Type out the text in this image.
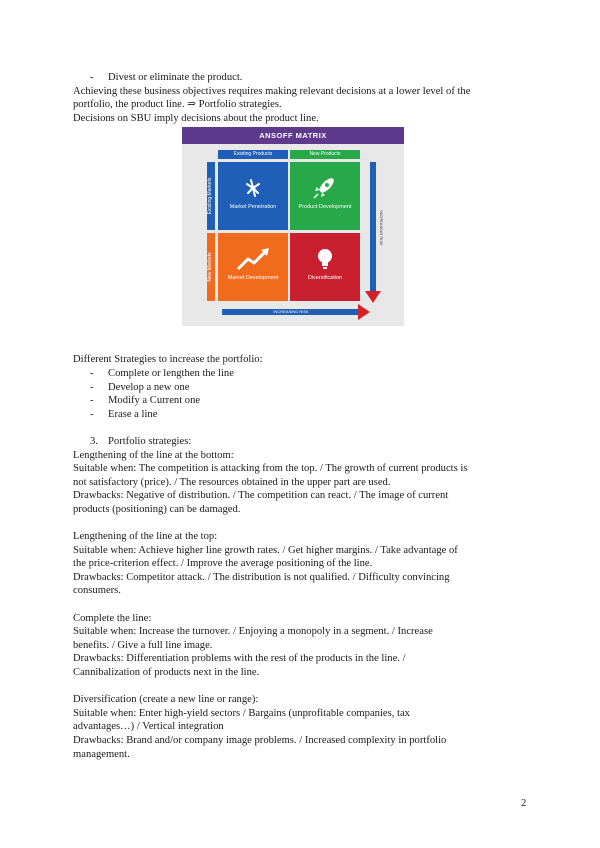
- Divest or eliminate the product.
Achieving these business objectives requires making relevant decisions at a lower level of the
portfolio, the product line. ⇒ Portfolio strategies.
Decisions on SBU imply decisions about the product line.
ANSOFF MATRIX
Existing Products	New Products
Existing Markets
New Markets
Market Penetration	Product Development
Market Development	Diversification
INCREASING RISK
INCREASING RISK
Different Strategies to increase the portfolio:
- Complete or lengthen the line
- Develop a new one
- Modify a Current one
- Erase a line
3. Portfolio strategies:
Lengthening of the line at the bottom:
Suitable when: The competition is attacking from the top. / The growth of current products is
not satisfactory (price). / The resources obtained in the upper part are used.
Drawbacks: Negative of distribution. / The competition can react. / The image of current
products (positioning) can be damaged.
Lengthening of the line at the top:
Suitable when: Achieve higher line growth rates. / Get higher margins. / Take advantage of
the price-criterion effect. / Improve the average positioning of the line.
Drawbacks: Competitor attack. / The distribution is not qualified. / Difficulty convincing
consumers.
Complete the line:
Suitable when: Increase the turnover. / Enjoying a monopoly in a segment. / Increase
benefits. / Give a full line image.
Drawbacks: Differentiation problems with the rest of the products in the line. /
Cannibalization of products next in the line.
Diversification (create a new line or range):
Suitable when: Enter high-yield sectors / Bargains (unprofitable companies, tax
advantages…) / Vertical integration
Drawbacks: Brand and/or company image problems. / Increased complexity in portfolio
management.
2
